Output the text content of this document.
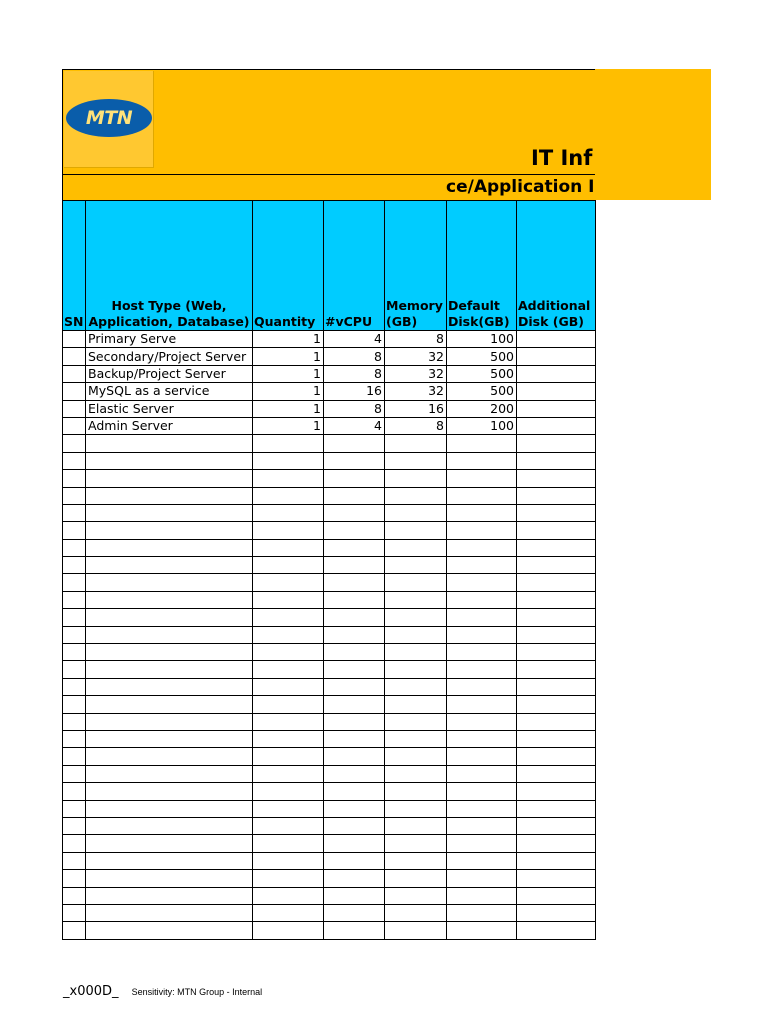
MTN
IT Inf
ce/Application I
SN	Host Type (Web, Application, Database)	Quantity	#vCPU	Memory (GB)	Default Disk(GB)	Additional Disk (GB)
	Primary Serve	1	4	8	100	
	Secondary/Project Server	1	8	32	500	
	Backup/Project Server	1	8	32	500	
	MySQL as a service	1	16	32	500	
	Elastic Server	1	8	16	200	
	Admin Server	1	4	8	100	

_x000D_ Sensitivity: MTN Group - Internal
